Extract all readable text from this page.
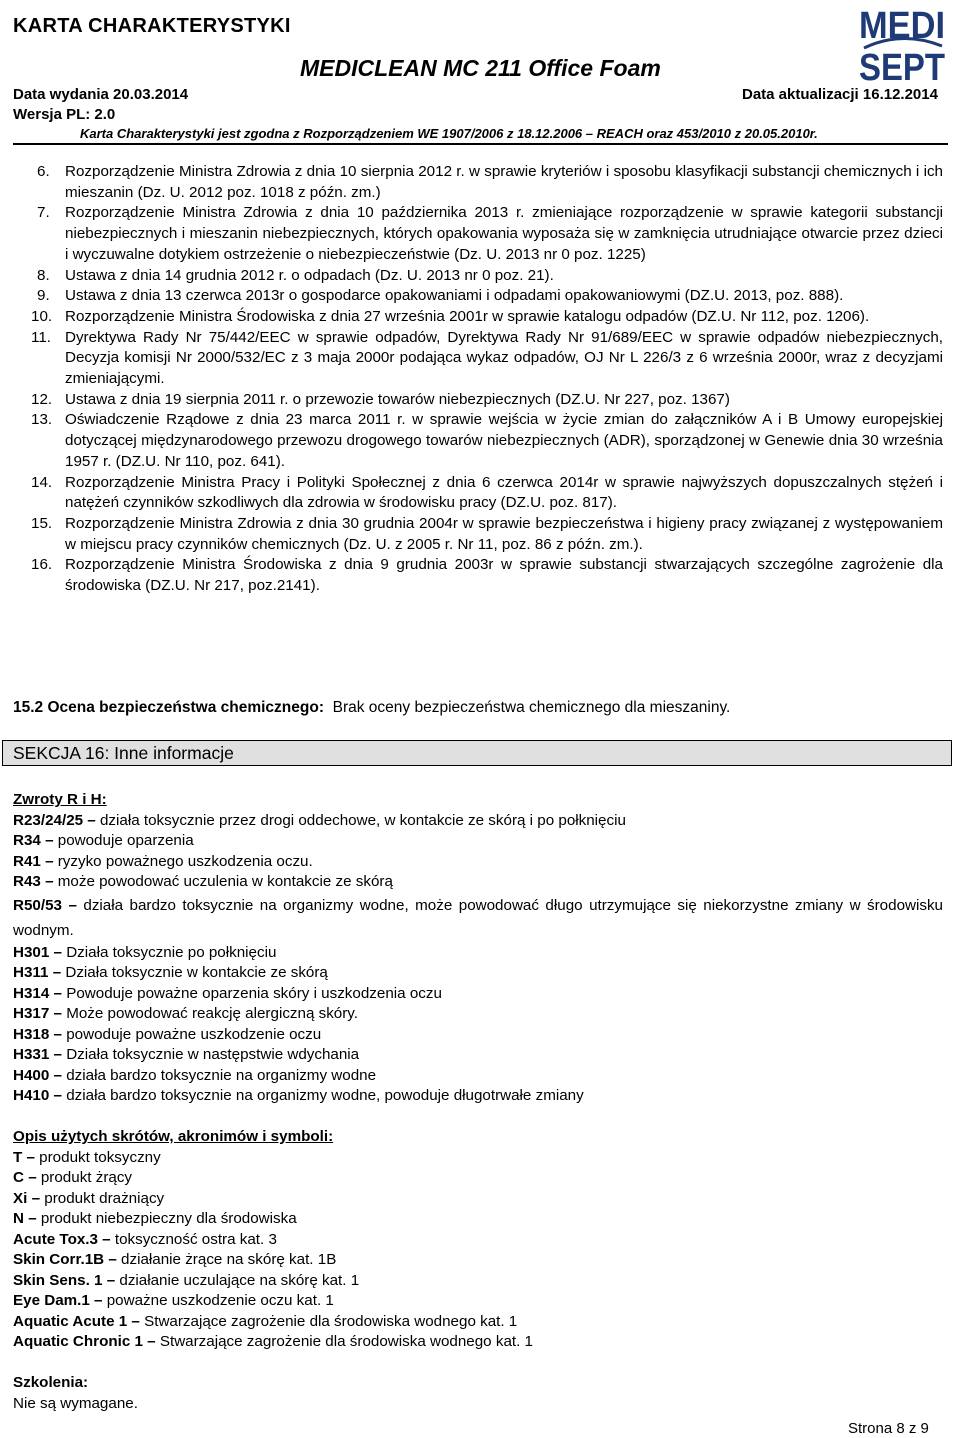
KARTA CHARAKTERYSTYKI
MEDICLEAN MC 211 Office Foam
Data wydania 20.03.2014	Data aktualizacji 16.12.2014
Wersja PL: 2.0
Karta Charakterystyki jest zgodna z Rozporządzeniem WE 1907/2006 z 18.12.2006 – REACH oraz 453/2010 z 20.05.2010r.
MEDI
SEPT
6.	Rozporządzenie Ministra Zdrowia z dnia 10 sierpnia 2012 r. w sprawie kryteriów i sposobu klasyfikacji substancji chemicznych i ich mieszanin (Dz. U. 2012 poz. 1018 z późn. zm.)
7.	Rozporządzenie Ministra Zdrowia z dnia 10 października 2013 r. zmieniające rozporządzenie w sprawie kategorii substancji niebezpiecznych i mieszanin niebezpiecznych, których opakowania wyposaża się w zamknięcia utrudniające otwarcie przez dzieci i wyczuwalne dotykiem ostrzeżenie o niebezpieczeństwie (Dz. U. 2013 nr 0 poz. 1225)
8.	Ustawa z dnia 14 grudnia 2012 r. o odpadach (Dz. U. 2013 nr 0 poz. 21).
9.	Ustawa z dnia 13 czerwca 2013r o gospodarce opakowaniami i odpadami opakowaniowymi (DZ.U. 2013, poz. 888).
10. Rozporządzenie Ministra Środowiska z dnia 27 września 2001r w sprawie katalogu odpadów (DZ.U. Nr 112, poz. 1206).
11. Dyrektywa Rady Nr 75/442/EEC w sprawie odpadów, Dyrektywa Rady Nr 91/689/EEC w sprawie odpadów niebezpiecznych, Decyzja komisji Nr 2000/532/EC z 3 maja 2000r podająca wykaz odpadów, OJ Nr L 226/3 z 6 września 2000r, wraz z decyzjami zmieniającymi.
12. Ustawa z dnia 19 sierpnia 2011 r. o przewozie towarów niebezpiecznych (DZ.U. Nr 227, poz. 1367)
13. Oświadczenie Rządowe z dnia 23 marca 2011 r. w sprawie wejścia w życie zmian do załączników A i B Umowy europejskiej dotyczącej międzynarodowego przewozu drogowego towarów niebezpiecznych (ADR), sporządzonej w Genewie dnia 30 września 1957 r. (DZ.U. Nr 110, poz. 641).
14. Rozporządzenie Ministra Pracy i Polityki Społecznej z dnia 6 czerwca 2014r w sprawie najwyższych dopuszczalnych stężeń i natężeń czynników szkodliwych dla zdrowia w środowisku pracy (DZ.U. poz. 817).
15. Rozporządzenie Ministra Zdrowia z dnia 30 grudnia 2004r w sprawie bezpieczeństwa i higieny pracy związanej z występowaniem w miejscu pracy czynników chemicznych (Dz. U. z 2005 r. Nr 11, poz. 86 z późn. zm.).
16. Rozporządzenie Ministra Środowiska z dnia 9 grudnia 2003r w sprawie substancji stwarzających szczególne zagrożenie dla środowiska (DZ.U. Nr 217, poz.2141).
15.2 Ocena bezpieczeństwa chemicznego: Brak oceny bezpieczeństwa chemicznego dla mieszaniny.
SEKCJA 16: Inne informacje

Zwroty R i H:

R23/24/25 – działa toksycznie przez drogi oddechowe, w kontakcie ze skórą i po połknięciu

R34 – powoduje oparzenia

R41 – ryzyko poważnego uszkodzenia oczu.

R43 – może powodować uczulenia w kontakcie ze skórą

R50/53 – działa bardzo toksycznie na organizmy wodne, może powodować długo utrzymujące się niekorzystne zmiany w środowisku wodnym.

H301 – Działa toksycznie po połknięciu

H311 – Działa toksycznie w kontakcie ze skórą

H314 – Powoduje poważne oparzenia skóry i uszkodzenia oczu

H317 – Może powodować reakcję alergiczną skóry.

H318 – powoduje poważne uszkodzenie oczu

H331 – Działa toksycznie w następstwie wdychania

H400 – działa bardzo toksycznie na organizmy wodne

H410 – działa bardzo toksycznie na organizmy wodne, powoduje długotrwałe zmiany

Opis użytych skrótów, akronimów i symboli:

T – produkt toksyczny

C – produkt żrący

Xi – produkt drażniący

N – produkt niebezpieczny dla środowiska

Acute Tox.3 – toksyczność ostra kat. 3

Skin Corr.1B – działanie żrące na skórę kat. 1B

Skin Sens. 1 – działanie uczulające na skórę kat. 1

Eye Dam.1 – poważne uszkodzenie oczu kat. 1

Aquatic Acute 1 – Stwarzające zagrożenie dla środowiska wodnego kat. 1

Aquatic Chronic 1 – Stwarzające zagrożenie dla środowiska wodnego kat. 1

Szkolenia:

Nie są wymagane.

Strona 8 z 9
